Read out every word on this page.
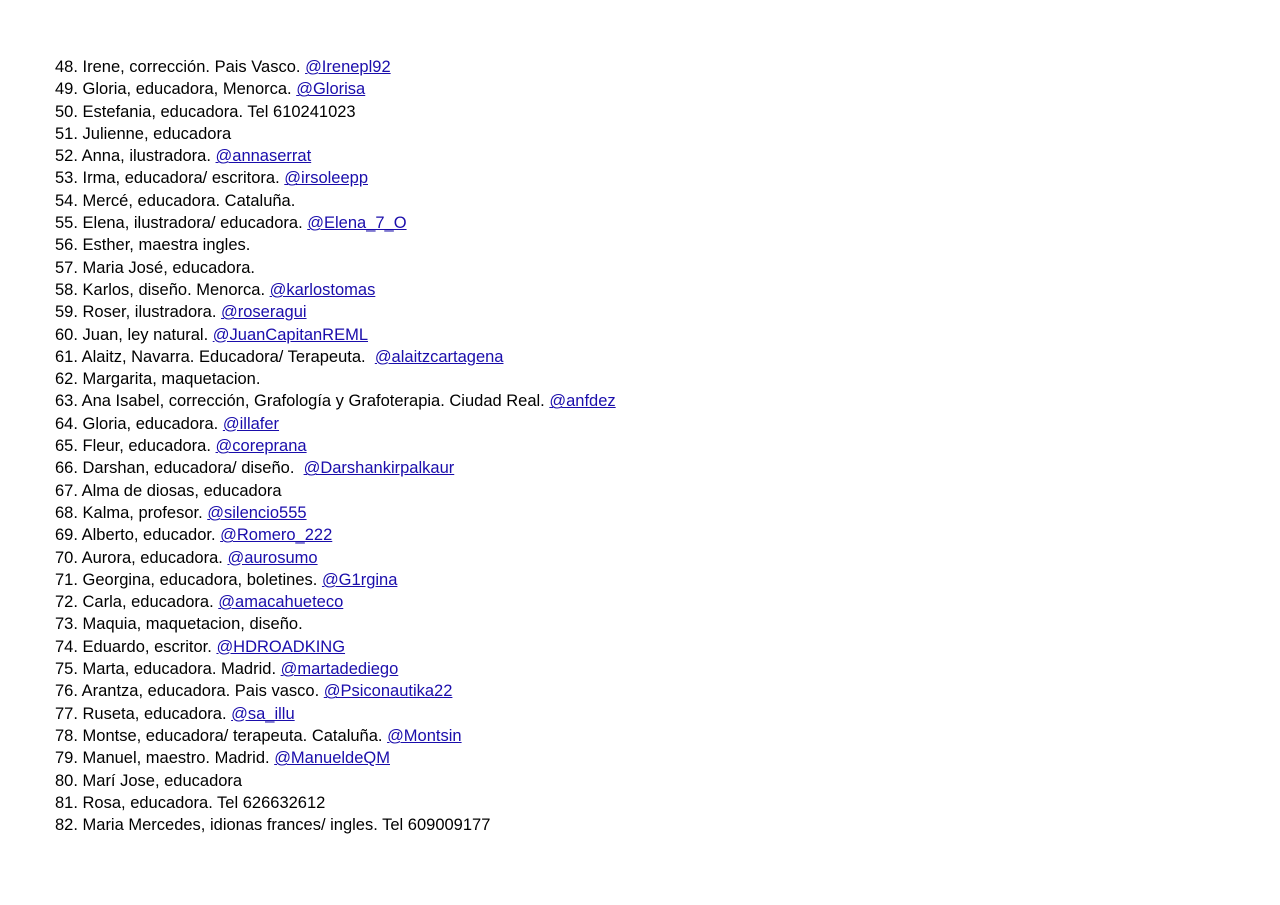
48. Irene, corrección. Pais Vasco. @Irenepl92
49. Gloria, educadora, Menorca. @Glorisa
50. Estefania, educadora. Tel 610241023
51. Julienne, educadora
52. Anna, ilustradora. @annaserrat
53. Irma, educadora/ escritora. @irsoleepp
54. Mercé, educadora. Cataluña.
55. Elena, ilustradora/ educadora. @Elena_7_O
56. Esther, maestra ingles.
57. Maria José, educadora.
58. Karlos, diseño. Menorca. @karlostomas
59. Roser, ilustradora. @roseragui
60. Juan, ley natural. @JuanCapitanREML
61. Alaitz, Navarra. Educadora/ Terapeuta.  @alaitzcartagena
62. Margarita, maquetacion.
63. Ana Isabel, corrección, Grafología y Grafoterapia. Ciudad Real. @anfdez
64. Gloria, educadora. @illafer
65. Fleur, educadora. @coreprana
66. Darshan, educadora/ diseño.  @Darshankirpalkaur
67. Alma de diosas, educadora
68. Kalma, profesor. @silencio555
69. Alberto, educador. @Romero_222
70. Aurora, educadora. @aurosumo
71. Georgina, educadora, boletines. @G1rgina
72. Carla, educadora. @amacahueteco
73. Maquia, maquetacion, diseño.
74. Eduardo, escritor. @HDROADKING
75. Marta, educadora. Madrid. @martadediego
76. Arantza, educadora. Pais vasco. @Psiconautika22
77. Ruseta, educadora. @sa_illu
78. Montse, educadora/ terapeuta. Cataluña. @Montsin
79. Manuel, maestro. Madrid. @ManueldeQM
80. Marí Jose, educadora
81. Rosa, educadora. Tel 626632612
82. Maria Mercedes, idionas frances/ ingles. Tel 609009177
